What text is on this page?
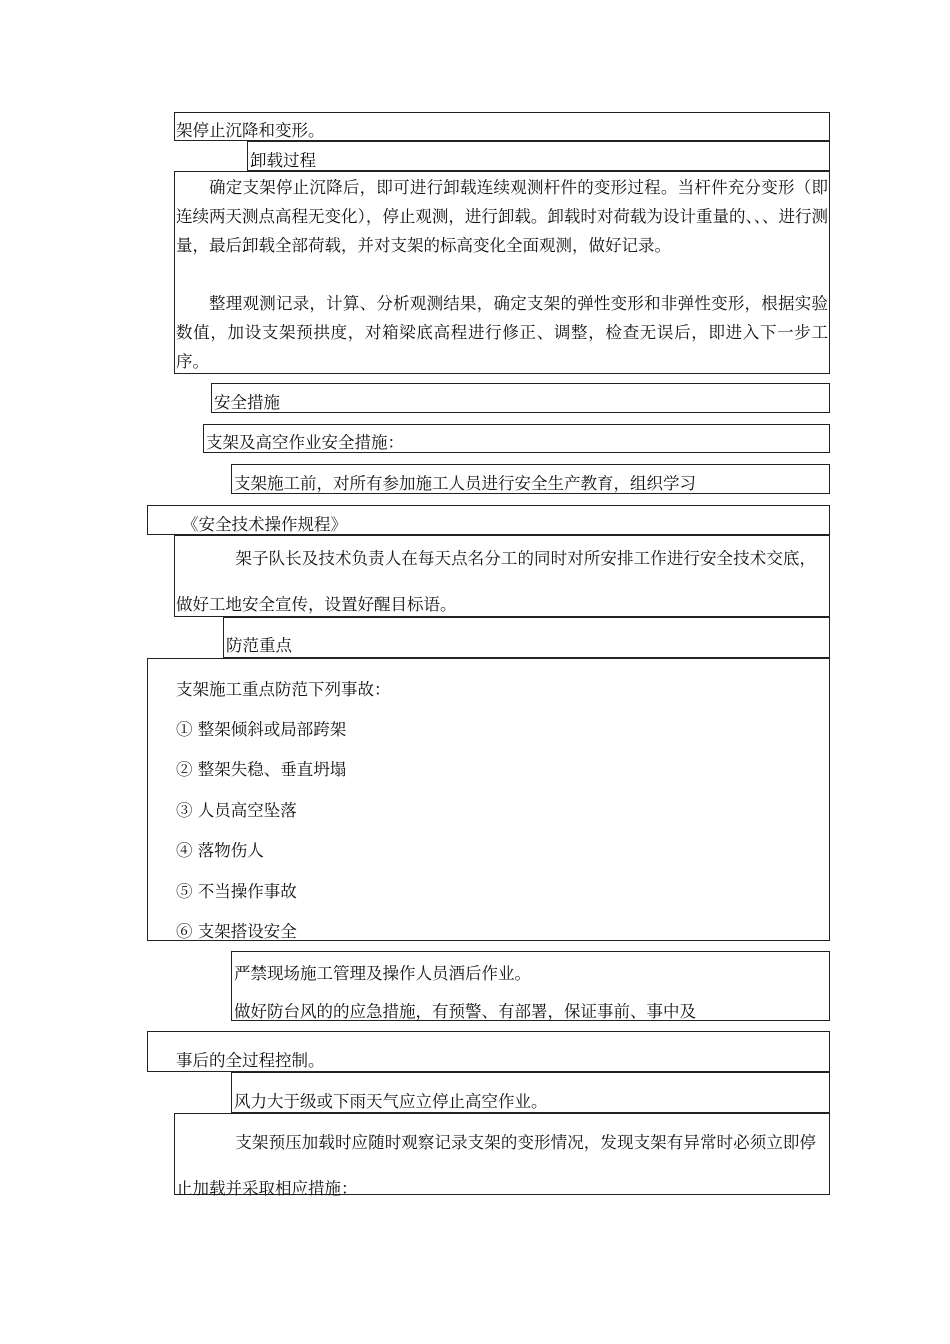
架停止沉降和变形。
卸载过程

确定支架停止沉降后，即可进行卸载连续观测杆件的变形过程。当杆件充分变形（即连续两天测点高程无变化），停止观测，进行卸载。卸载时对荷载为设计重量的、、、进行测量，最后卸载全部荷载，并对支架的标高变化全面观测，做好记录。

整理观测记录，计算、分析观测结果，确定支架的弹性变形和非弹性变形，根据实验数值，加设支架预拱度，对箱梁底高程进行修正、调整，检查无误后，即进入下一步工序。

安全措施
支架及高空作业安全措施：
支架施工前，对所有参加施工人员进行安全生产教育，组织学习
《安全技术操作规程》

架子队长及技术负责人在每天点名分工的同时对所安排工作进行安全技术交底，做好工地安全宣传，设置好醒目标语。

防范重点
支架施工重点防范下列事故：
① 整架倾斜或局部跨架
② 整架失稳、垂直坍塌
③ 人员高空坠落
④ 落物伤人
⑤ 不当操作事故
⑥ 支架搭设安全
严禁现场施工管理及操作人员酒后作业。
做好防台风的的应急措施，有预警、有部署，保证事前、事中及
事后的全过程控制。
风力大于级或下雨天气应立停止高空作业。

支架预压加载时应随时观察记录支架的变形情况，发现支架有异常时必须立即停止加载并采取相应措施：
